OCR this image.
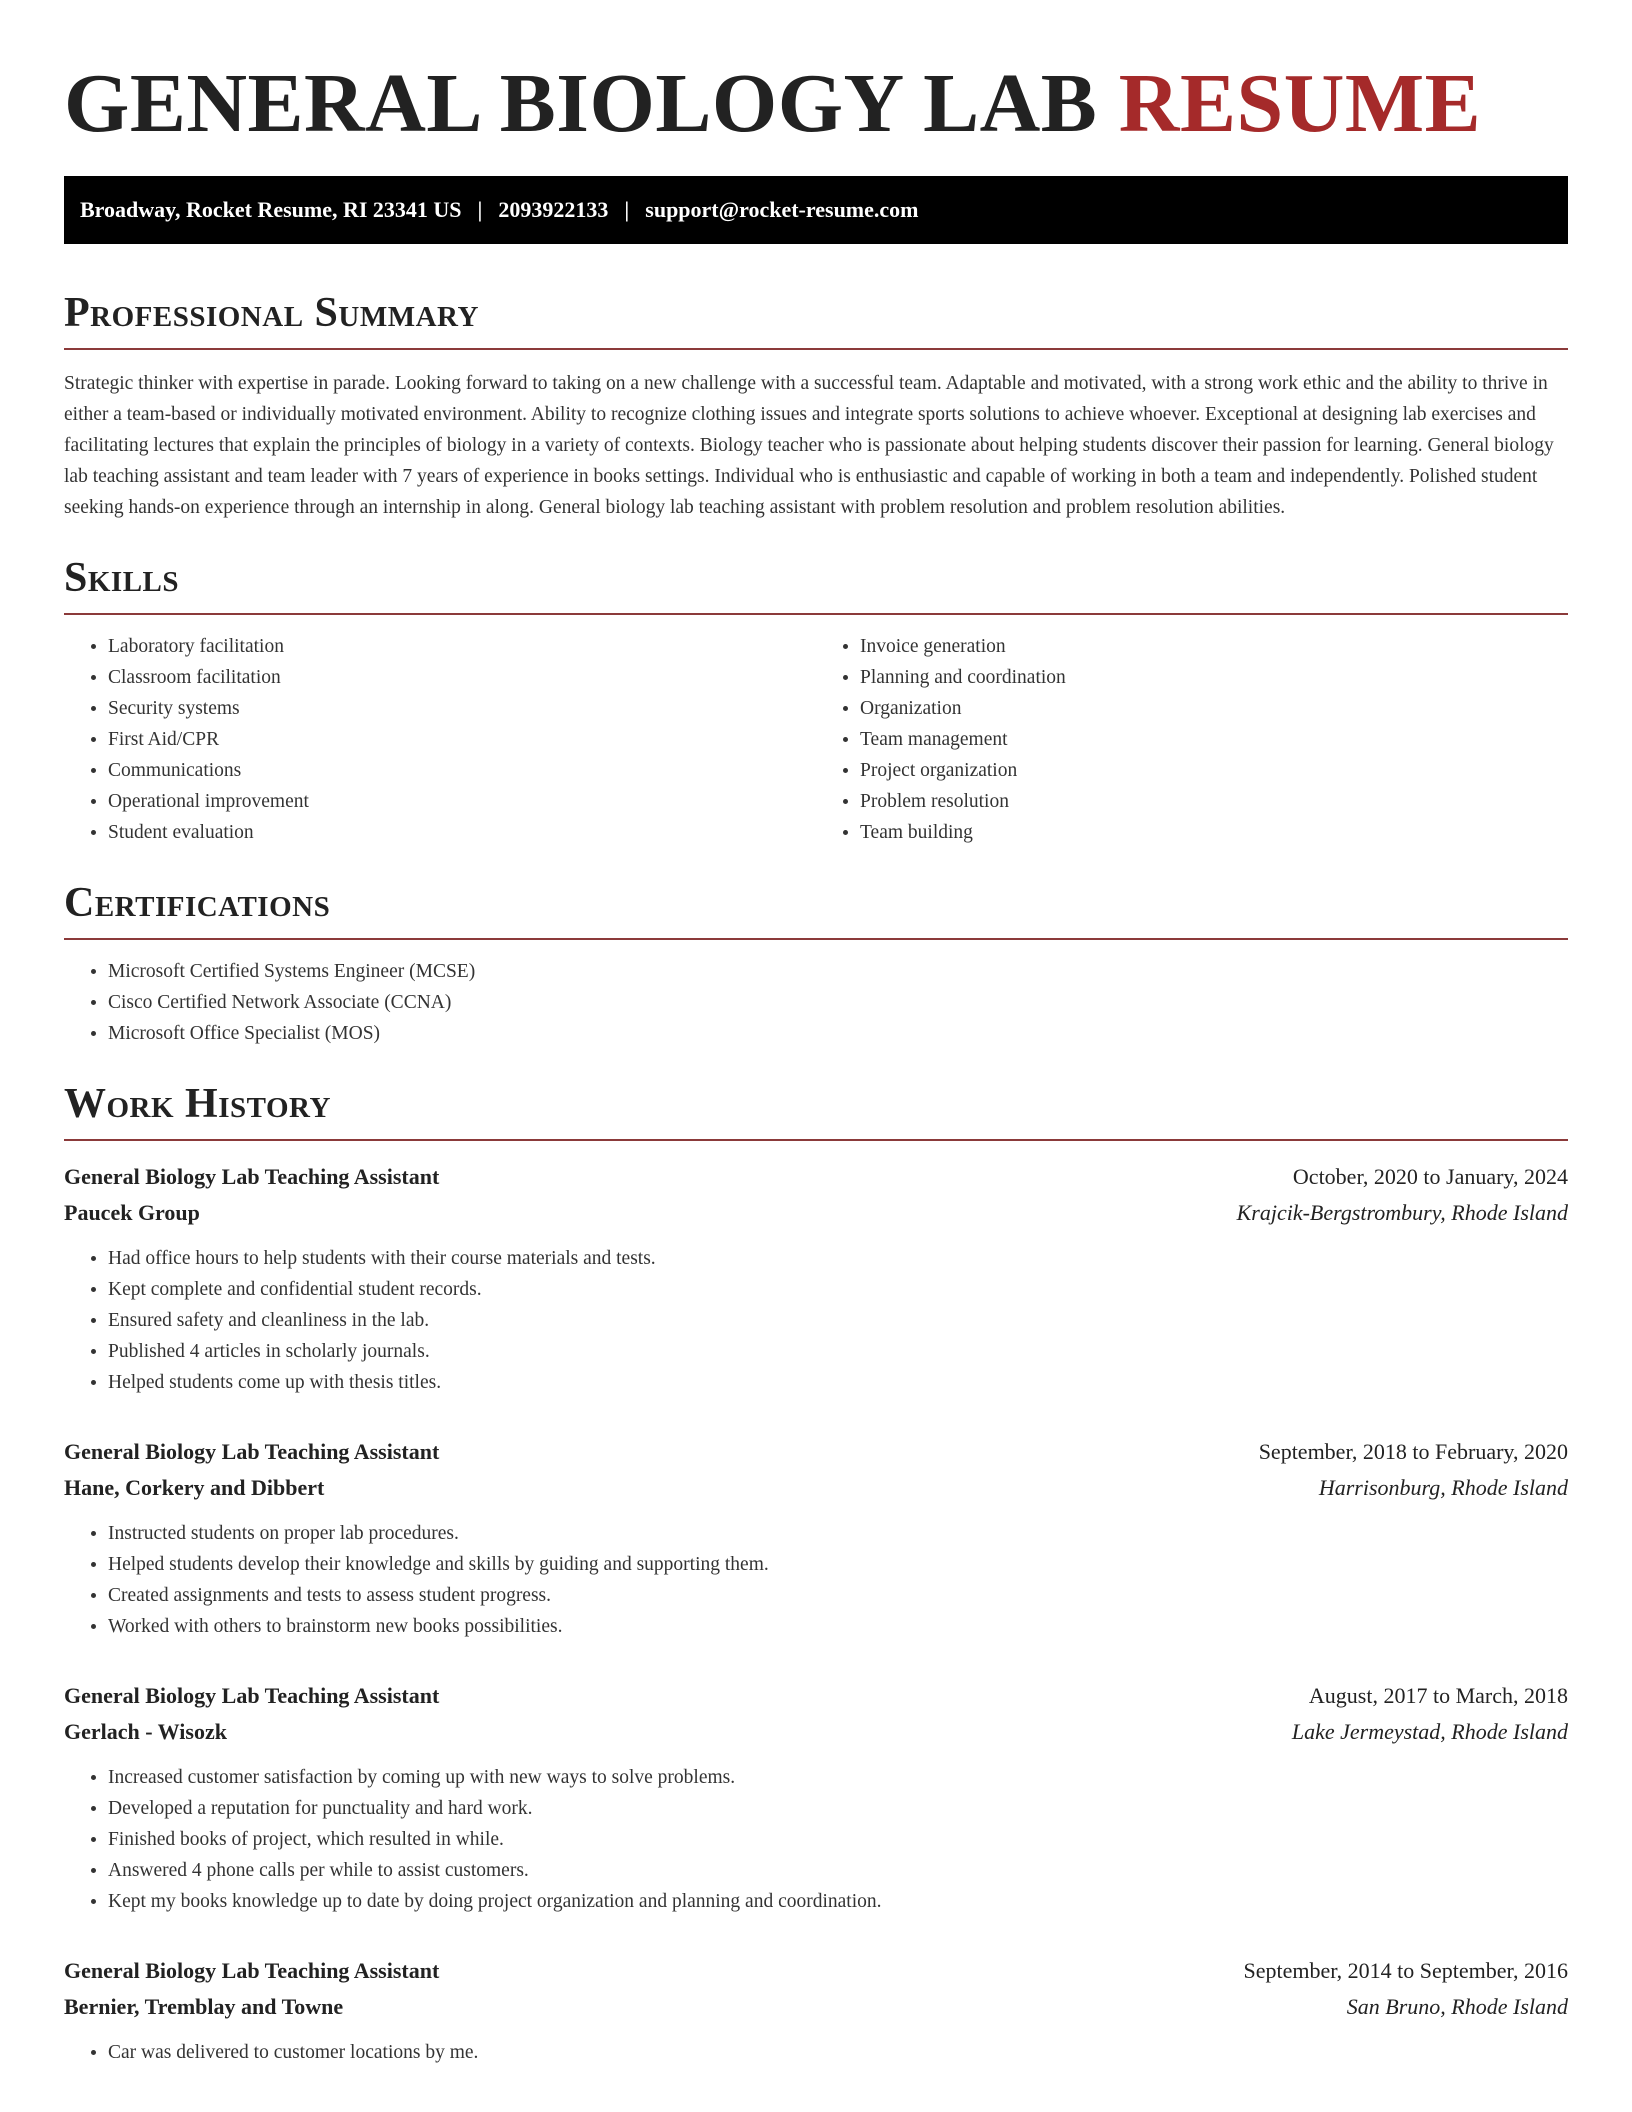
GENERAL BIOLOGY LAB RESUME
Broadway, Rocket Resume, RI 23341 US | 2093922133 | support@rocket-resume.com
Professional Summary

Strategic thinker with expertise in parade. Looking forward to taking on a new challenge with a successful team. Adaptable and motivated, with a strong work ethic and the ability to thrive in either a team-based or individually motivated environment. Ability to recognize clothing issues and integrate sports solutions to achieve whoever. Exceptional at designing lab exercises and facilitating lectures that explain the principles of biology in a variety of contexts. Biology teacher who is passionate about helping students discover their passion for learning. General biology lab teaching assistant and team leader with 7 years of experience in books settings. Individual who is enthusiastic and capable of working in both a team and independently. Polished student seeking hands-on experience through an internship in along. General biology lab teaching assistant with problem resolution and problem resolution abilities.

Skills
• Laboratory facilitation
• Classroom facilitation
• Security systems
• First Aid/CPR
• Communications
• Operational improvement
• Student evaluation
• Invoice generation
• Planning and coordination
• Organization
• Team management
• Project organization
• Problem resolution
• Team building
Certifications
• Microsoft Certified Systems Engineer (MCSE)
• Cisco Certified Network Associate (CCNA)
• Microsoft Office Specialist (MOS)
Work History
General Biology Lab Teaching Assistant	October, 2020 to January, 2024
Paucek Group	Krajcik-Bergstrombury, Rhode Island
• Had office hours to help students with their course materials and tests.
• Kept complete and confidential student records.
• Ensured safety and cleanliness in the lab.
• Published 4 articles in scholarly journals.
• Helped students come up with thesis titles.
General Biology Lab Teaching Assistant	September, 2018 to February, 2020
Hane, Corkery and Dibbert	Harrisonburg, Rhode Island
• Instructed students on proper lab procedures.
• Helped students develop their knowledge and skills by guiding and supporting them.
• Created assignments and tests to assess student progress.
• Worked with others to brainstorm new books possibilities.
General Biology Lab Teaching Assistant	August, 2017 to March, 2018
Gerlach - Wisozk	Lake Jermeystad, Rhode Island
• Increased customer satisfaction by coming up with new ways to solve problems.
• Developed a reputation for punctuality and hard work.
• Finished books of project, which resulted in while.
• Answered 4 phone calls per while to assist customers.
• Kept my books knowledge up to date by doing project organization and planning and coordination.
General Biology Lab Teaching Assistant	September, 2014 to September, 2016
Bernier, Tremblay and Towne	San Bruno, Rhode Island
• Car was delivered to customer locations by me.
